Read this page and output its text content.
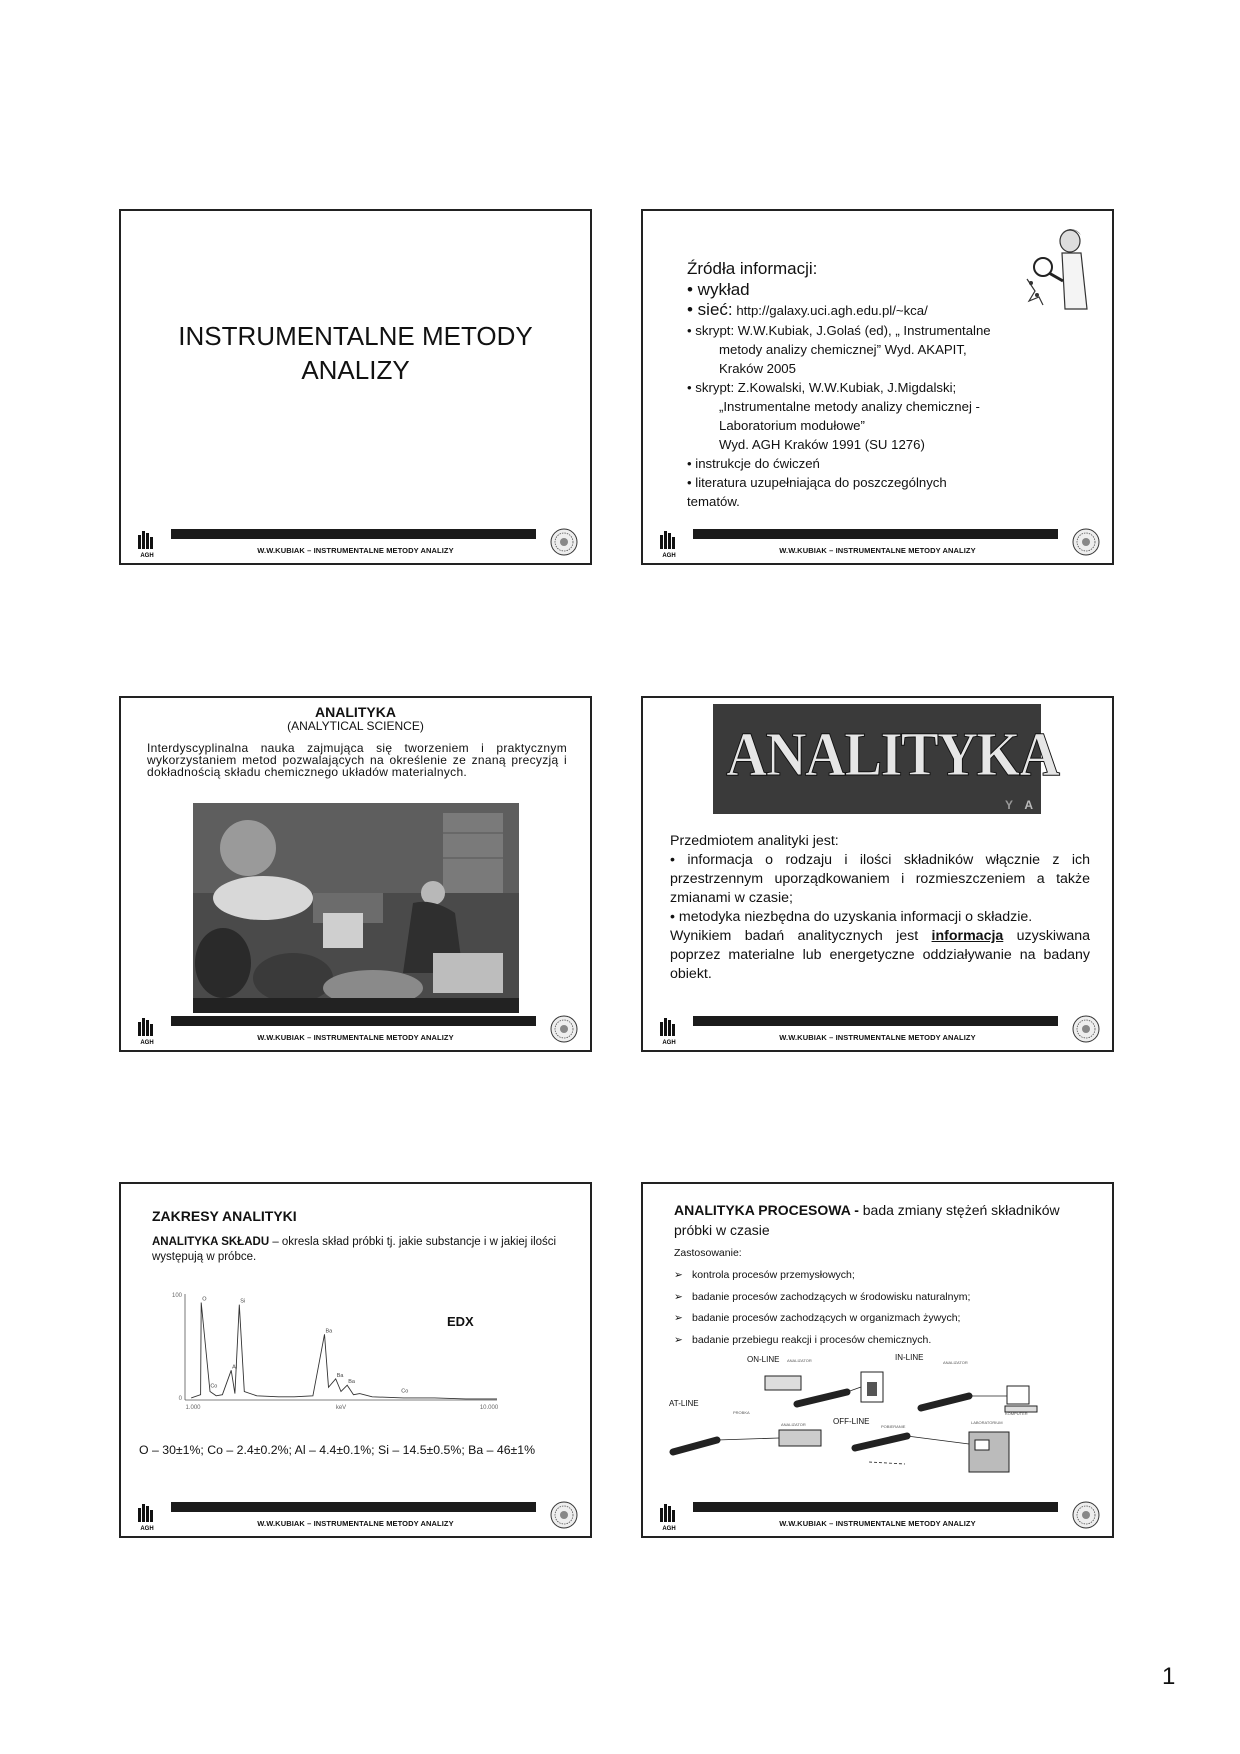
INSTRUMENTALNE METODY
ANALIZY
W.W.KUBIAK – INSTRUMENTALNE METODY ANALIZY
AGH
Źródła informacji:
• wykład
• sieć: http://galaxy.uci.agh.edu.pl/~kca/
• skrypt: W.W.Kubiak, J.Golaś (ed), „ Instrumentalne
metody analizy chemicznej” Wyd. AKAPIT,
Kraków 2005
• skrypt: Z.Kowalski, W.W.Kubiak, J.Migdalski;
„Instrumentalne metody analizy chemicznej -
Laboratorium modułowe”
Wyd. AGH Kraków 1991 (SU 1276)
• instrukcje do ćwiczeń
• literatura uzupełniająca do poszczególnych
tematów.
W.W.KUBIAK – INSTRUMENTALNE METODY ANALIZY
AGH
ANALITYKA
(ANALYTICAL SCIENCE)
Interdyscyplinalna nauka zajmująca się tworzeniem i praktycznym wykorzystaniem metod pozwalających na określenie ze znaną precyzją i dokładnością składu chemicznego układów materialnych.
W.W.KUBIAK – INSTRUMENTALNE METODY ANALIZY
AGH
ANALITYKA
Y A
Przedmiotem analityki jest:
• informacja o rodzaju i ilości składników włącznie z ich przestrzennym uporządkowaniem i rozmieszczeniem a także zmianami w czasie;
• metodyka niezbędna do uzyskania informacji o składzie.
Wynikiem badań analitycznych jest informacja uzyskiwana poprzez materialne lub energetyczne oddziaływanie na badany obiekt.
W.W.KUBIAK – INSTRUMENTALNE METODY ANALIZY
AGH
ZAKRESY ANALITYKI
ANALITYKA SKŁADU – okresla skład próbki tj. jakie substancje i w jakiej ilości występują w próbce.
EDX
100
0
1.000	keV	10.000
O
Co
Al
Si
Ba
Ba
Ba
Co
O – 30±1%; Co – 2.4±0.2%; Al – 4.4±0.1%; Si – 14.5±0.5%; Ba – 46±1%
W.W.KUBIAK – INSTRUMENTALNE METODY ANALIZY
AGH
ANALITYKA PROCESOWA - bada zmiany stężeń składników próbki w czasie
Zastosowanie:
➢ kontrola procesów przemysłowych;
➢ badanie procesów zachodzących w środowisku naturalnym;
➢ badanie procesów zachodzących w organizmach żywych;
➢ badanie przebiegu reakcji i procesów chemicznych.
ANALIZATOR	ANALIZATOR
PROBKA
ANALIZATOR	POBIERANIE
LABORATORIUM
KOMPUTER
ON-LINE	IN-LINE
AT-LINE
OFF-LINE
W.W.KUBIAK – INSTRUMENTALNE METODY ANALIZY
AGH
1
